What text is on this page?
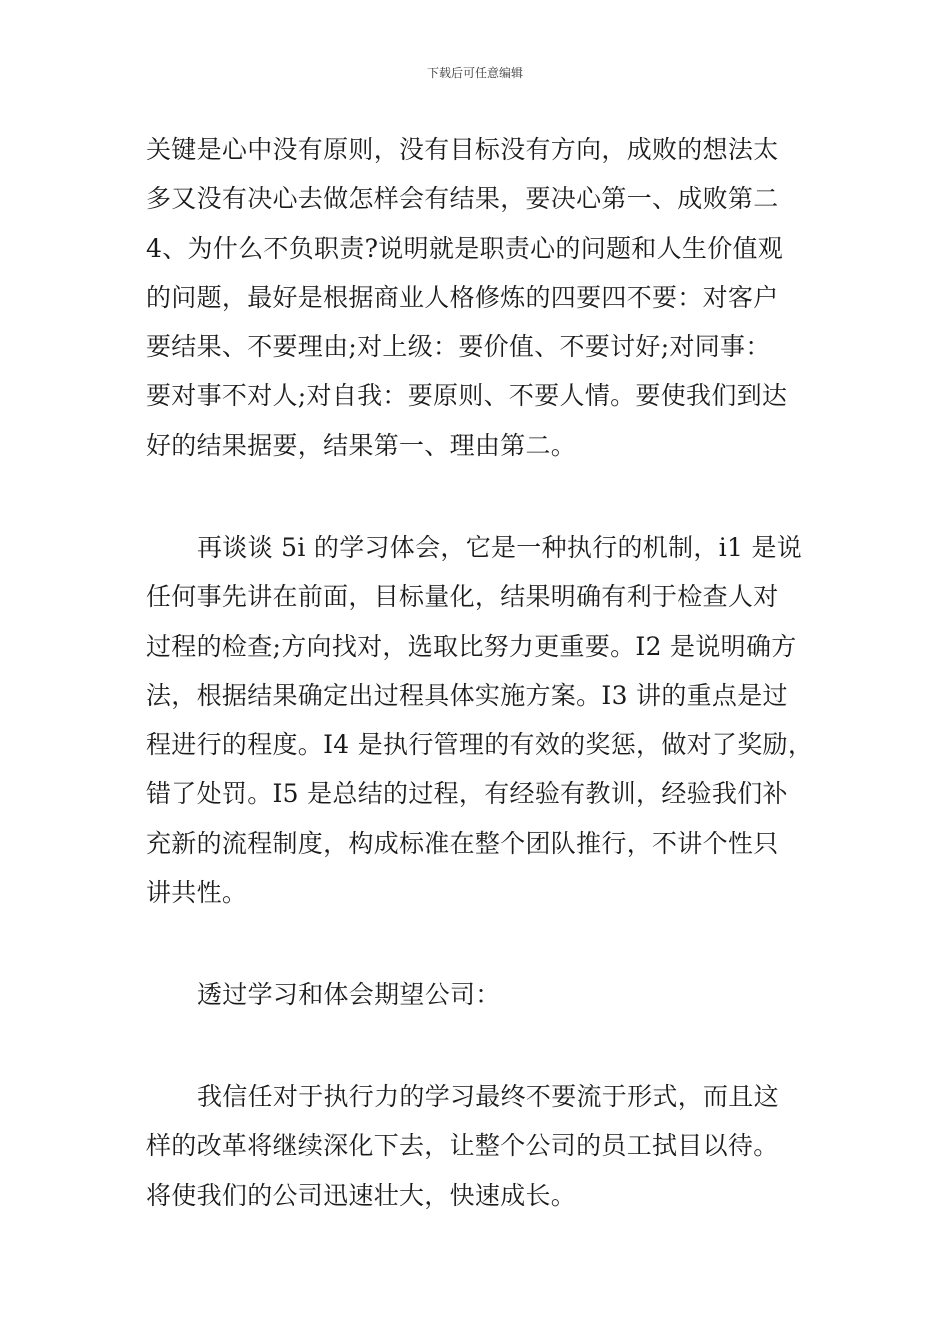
下载后可任意编辑
关键是心中没有原则，没有目标没有方向，成败的想法太
多又没有决心去做怎样会有结果，要决心第一、成败第二
4、为什么不负职责?说明就是职责心的问题和人生价值观
的问题，最好是根据商业人格修炼的四要四不要：对客户
要结果、不要理由;对上级：要价值、不要讨好;对同事：
要对事不对人;对自我：要原则、不要人情。要使我们到达
好的结果据要，结果第一、理由第二。
再谈谈 5i 的学习体会，它是一种执行的机制，i1 是说
任何事先讲在前面，目标量化，结果明确有利于检查人对
过程的检查;方向找对，选取比努力更重要。I2 是说明确方
法，根据结果确定出过程具体实施方案。I3 讲的重点是过
程进行的程度。I4 是执行管理的有效的奖惩，做对了奖励，
错了处罚。I5 是总结的过程，有经验有教训，经验我们补
充新的流程制度，构成标准在整个团队推行，不讲个性只
讲共性。
透过学习和体会期望公司：
我信任对于执行力的学习最终不要流于形式，而且这
样的改革将继续深化下去，让整个公司的员工拭目以待。
将使我们的公司迅速壮大，快速成长。
